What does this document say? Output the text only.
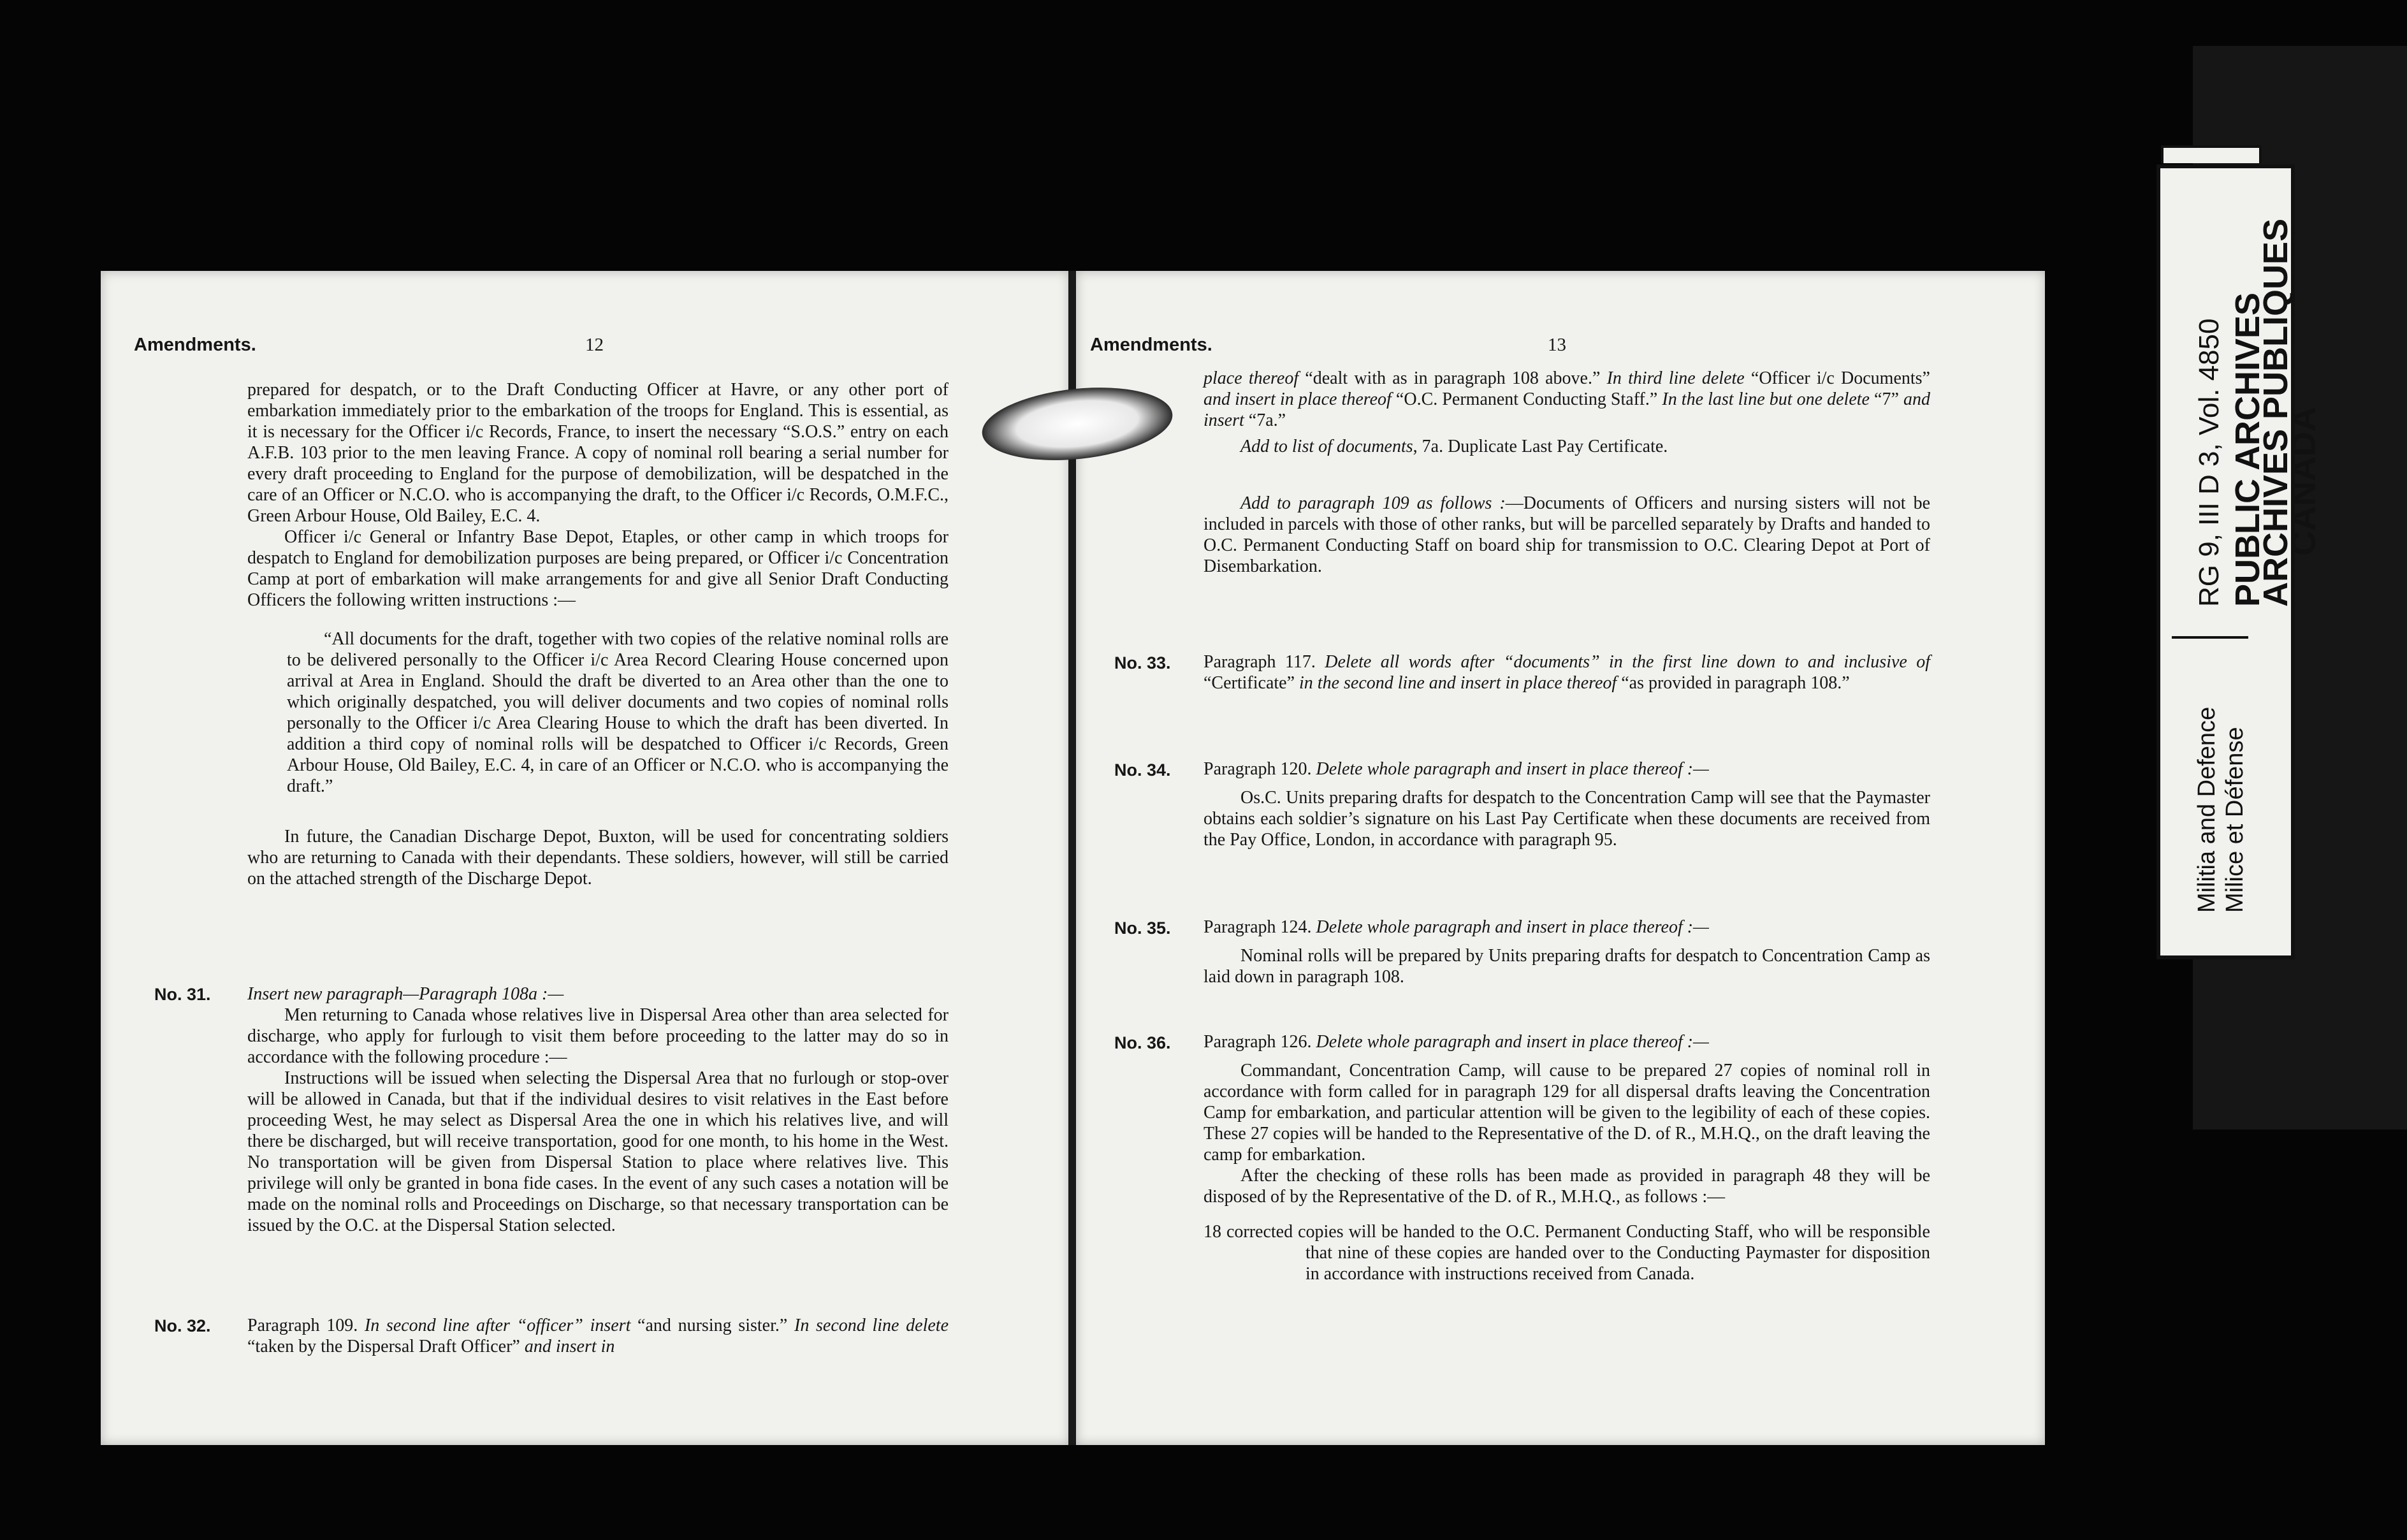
Amendments.	12

prepared for despatch, or to the Draft Conducting Officer at Havre, or any other port of embarkation immediately prior to the embarkation of the troops for England. This is essential, as it is necessary for the Officer i/c Records, France, to insert the necessary “S.O.S.” entry on each A.F.B. 103 prior to the men leaving France. A copy of nominal roll bearing a serial number for every draft proceeding to England for the purpose of demobilization, will be despatched in the care of an Officer or N.C.O. who is accompanying the draft, to the Officer i/c Records, O.M.F.C., Green Arbour House, Old Bailey, E.C. 4.

Officer i/c General or Infantry Base Depot, Etaples, or other camp in which troops for despatch to England for demobilization purposes are being prepared, or Officer i/c Concentration Camp at port of embarkation will make arrangements for and give all Senior Draft Conducting Officers the following written instructions :—

“All documents for the draft, together with two copies of the relative nominal rolls are to be delivered personally to the Officer i/c Area Record Clearing House concerned upon arrival at Area in England. Should the draft be diverted to an Area other than the one to which originally despatched, you will deliver documents and two copies of nominal rolls personally to the Officer i/c Area Clearing House to which the draft has been diverted. In addition a third copy of nominal rolls will be despatched to Officer i/c Records, Green Arbour House, Old Bailey, E.C. 4, in care of an Officer or N.C.O. who is accompanying the draft.”

In future, the Canadian Discharge Depot, Buxton, will be used for concentrating soldiers who are returning to Canada with their dependants. These soldiers, however, will still be carried on the attached strength of the Discharge Depot.

No. 31. Insert new paragraph—Paragraph 108a :—

Men returning to Canada whose relatives live in Dispersal Area other than area selected for discharge, who apply for furlough to visit them before proceeding to the latter may do so in accordance with the following procedure :—

Instructions will be issued when selecting the Dispersal Area that no furlough or stop-over will be allowed in Canada, but that if the individual desires to visit relatives in the East before proceeding West, he may select as Dispersal Area the one in which his relatives live, and will there be discharged, but will receive transportation, good for one month, to his home in the West. No transportation will be given from Dispersal Station to place where relatives live. This privilege will only be granted in bona fide cases. In the event of any such cases a notation will be made on the nominal rolls and Proceedings on Discharge, so that necessary transportation can be issued by the O.C. at the Dispersal Station selected.

No. 32. Paragraph 109. In second line after “officer” insert “and nursing sister.” In second line delete “taken by the Dispersal Draft Officer” and insert in

Amendments.	13

place thereof “dealt with as in paragraph 108 above.” In third line delete “Officer i/c Documents” and insert in place thereof “O.C. Permanent Conducting Staff.” In the last line but one delete “7” and insert “7a.”

Add to list of documents, 7a. Duplicate Last Pay Certificate.

Add to paragraph 109 as follows :—Documents of Officers and nursing sisters will not be included in parcels with those of other ranks, but will be parcelled separately by Drafts and handed to O.C. Permanent Conducting Staff on board ship for transmission to O.C. Clearing Depot at Port of Disembarkation.

No. 33. Paragraph 117. Delete all words after “documents” in the first line down to and inclusive of “Certificate” in the second line and insert in place thereof “as provided in paragraph 108.”

No. 34. Paragraph 120. Delete whole paragraph and insert in place thereof :—

Os.C. Units preparing drafts for despatch to the Concentration Camp will see that the Paymaster obtains each soldier’s signature on his Last Pay Certificate when these documents are received from the Pay Office, London, in accordance with paragraph 95.

No. 35. Paragraph 124. Delete whole paragraph and insert in place thereof :—

Nominal rolls will be prepared by Units preparing drafts for despatch to Concentration Camp as laid down in paragraph 108.

No. 36. Paragraph 126. Delete whole paragraph and insert in place thereof :—

Commandant, Concentration Camp, will cause to be prepared 27 copies of nominal roll in accordance with form called for in paragraph 129 for all dispersal drafts leaving the Concentration Camp for embarkation, and particular attention will be given to the legibility of each of these copies. These 27 copies will be handed to the Representative of the D. of R., M.H.Q., on the draft leaving the camp for embarkation.

After the checking of these rolls has been made as provided in paragraph 48 they will be disposed of by the Representative of the D. of R., M.H.Q., as follows :—

18 corrected copies will be handed to the O.C. Permanent Conducting Staff, who will be responsible that nine of these copies are handed over to the Conducting Paymaster for disposition in accordance with instructions received from Canada.

RG 9, III D 3, Vol. 4850 PUBLIC ARCHIVES
ARCHIVES PUBLIQUES
CANADA
Militia and Defence Milice et Défense
